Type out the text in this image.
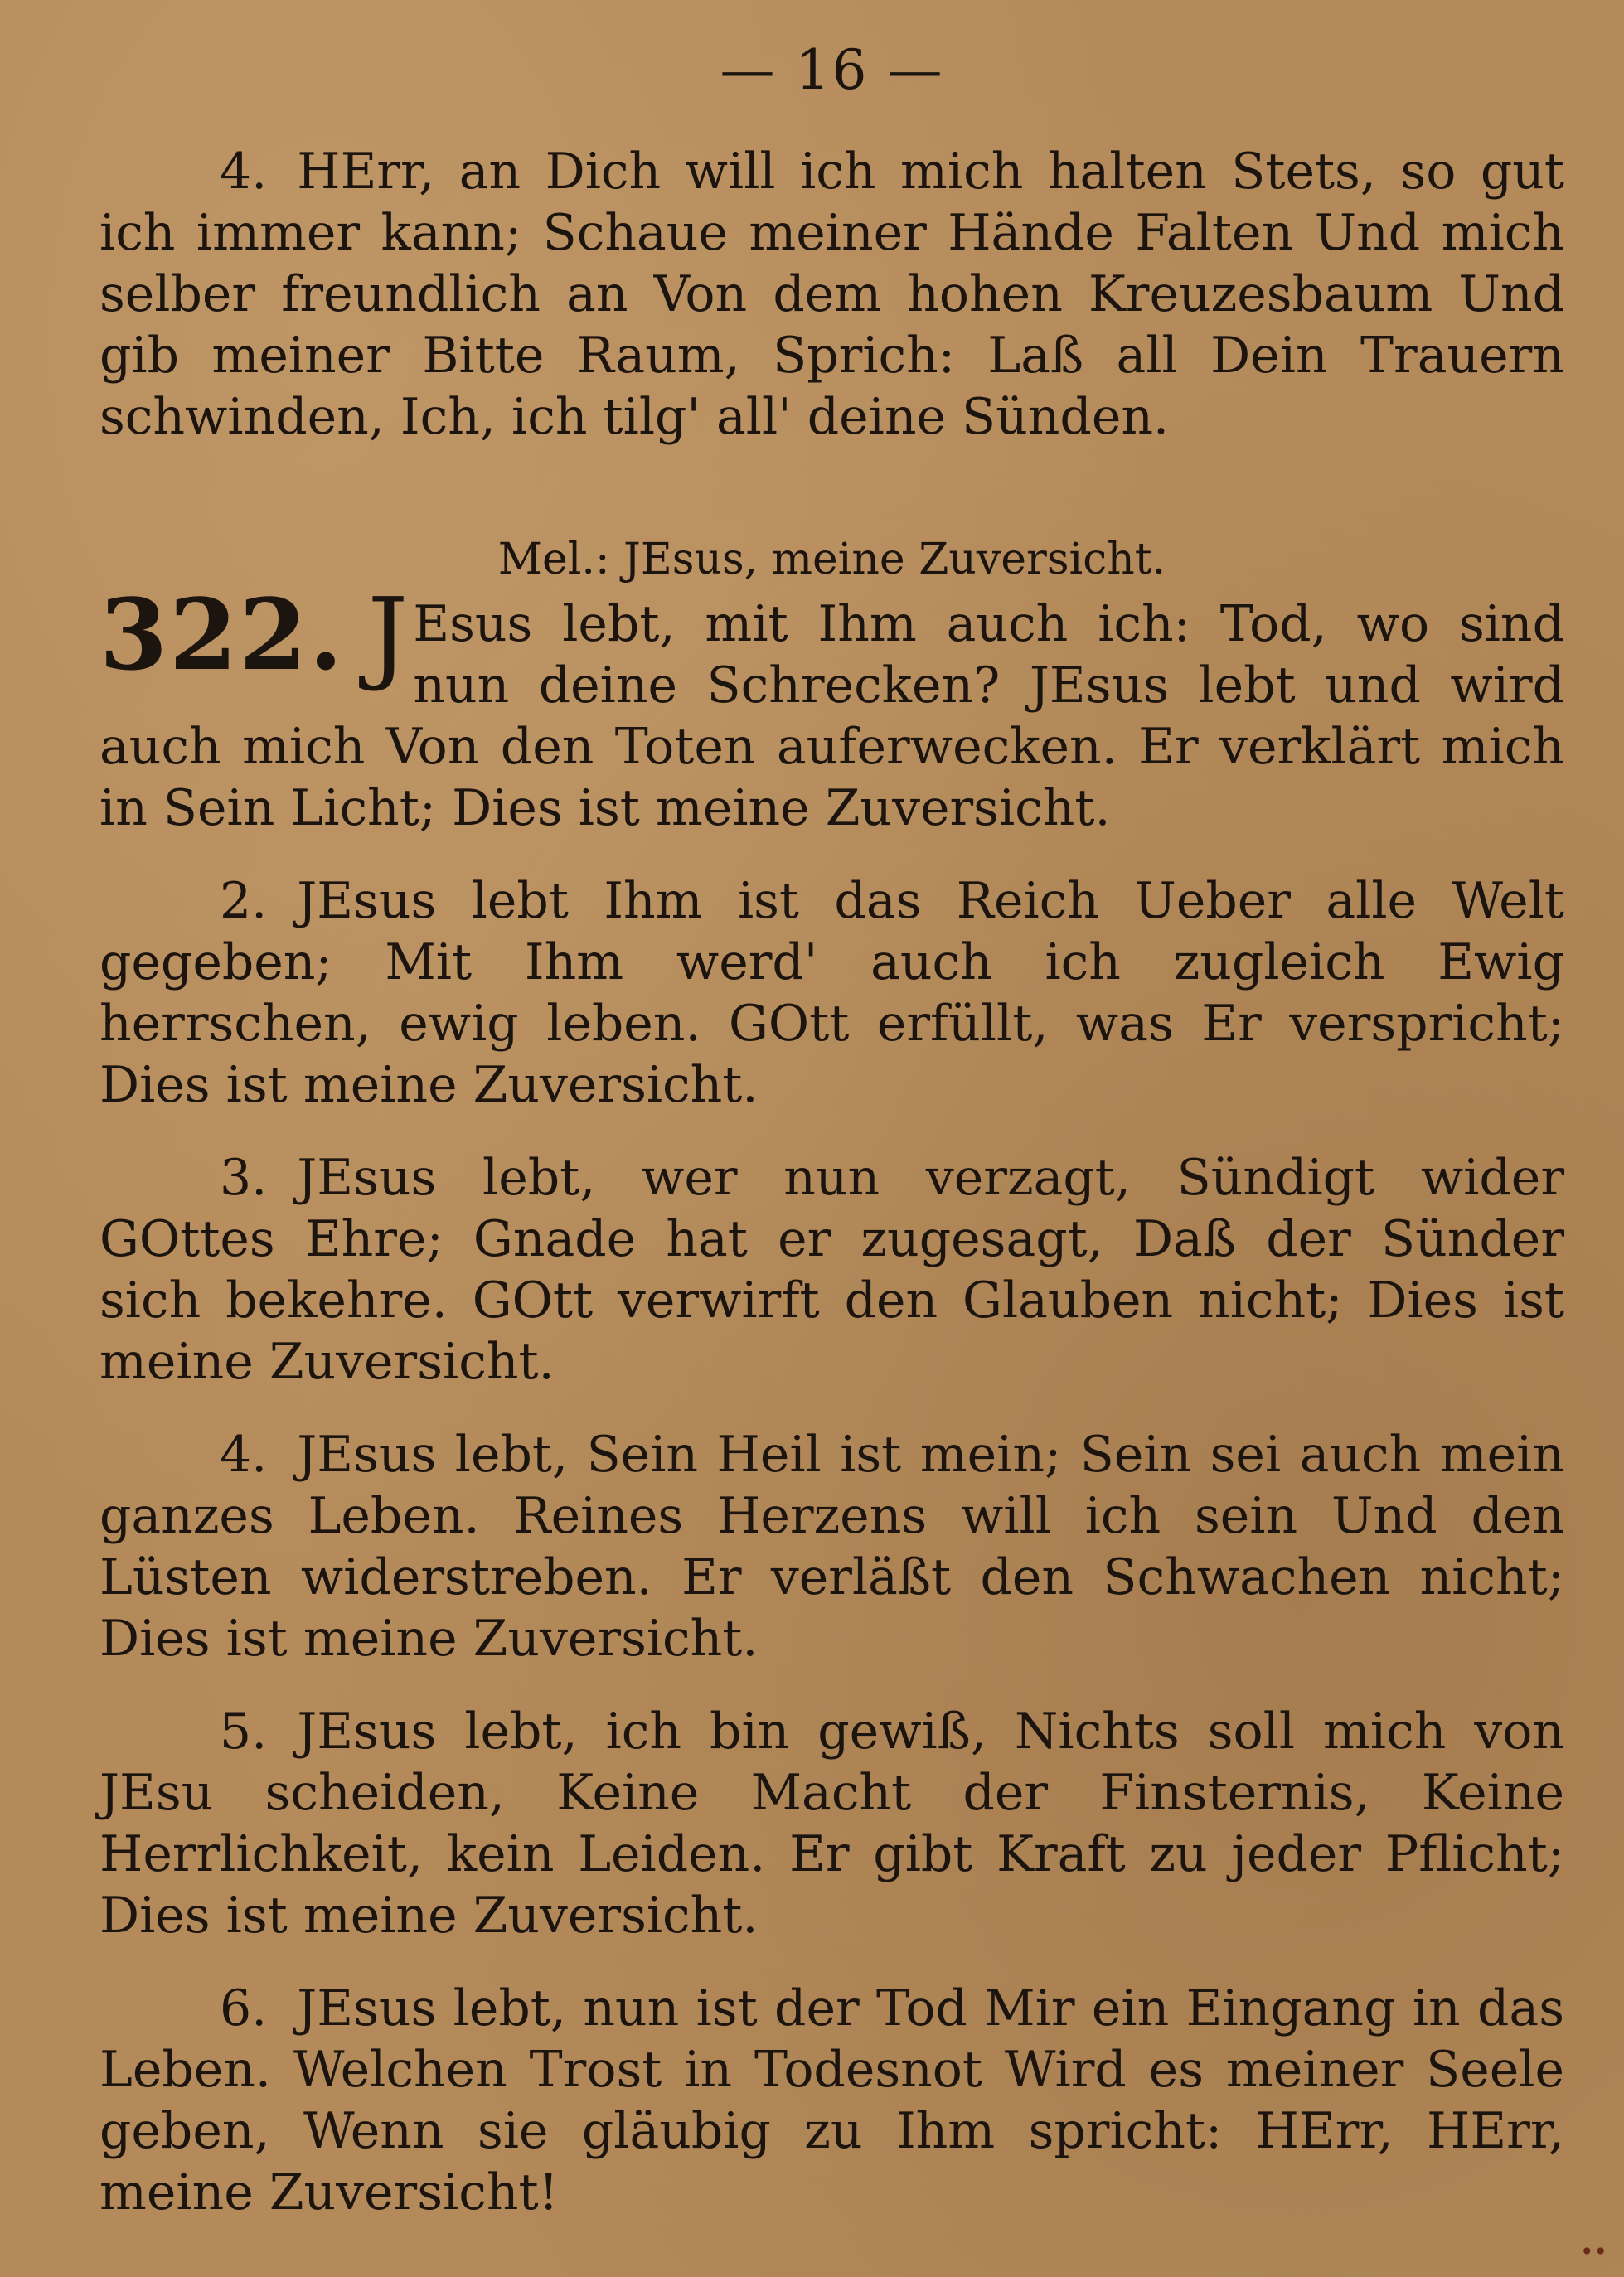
— 16 —

4. HErr, an Dich will ich mich halten Stets, so gut ich immer kann; Schaue meiner Hände Falten Und mich selber freundlich an Von dem hohen Kreuzesbaum Und gib meiner Bitte Raum, Sprich: Laß all Dein Trauern schwinden, Ich, ich tilg' all' deine Sünden.

Mel.: JEsus, meine Zuversicht.

322. J Esus lebt, mit Ihm auch ich: Tod, wo sind nun deine Schrecken? JEsus lebt und wird auch mich Von den Toten auferwecken. Er verklärt mich in Sein Licht; Dies ist meine Zuversicht.

2. JEsus lebt Ihm ist das Reich Ueber alle Welt gegeben; Mit Ihm werd' auch ich zugleich Ewig herrschen, ewig leben. GOtt erfüllt, was Er verspricht; Dies ist meine Zuversicht.

3. JEsus lebt, wer nun verzagt, Sündigt wider GOttes Ehre; Gnade hat er zugesagt, Daß der Sünder sich bekehre. GOtt verwirft den Glauben nicht; Dies ist meine Zuversicht.

4. JEsus lebt, Sein Heil ist mein; Sein sei auch mein ganzes Leben. Reines Herzens will ich sein Und den Lüsten widerstreben. Er verläßt den Schwachen nicht; Dies ist meine Zuversicht.

5. JEsus lebt, ich bin gewiß, Nichts soll mich von JEsu scheiden, Keine Macht der Finsternis, Keine Herrlichkeit, kein Leiden. Er gibt Kraft zu jeder Pflicht; Dies ist meine Zuversicht.

6. JEsus lebt, nun ist der Tod Mir ein Eingang in das Leben. Welchen Trost in Todesnot Wird es meiner Seele geben, Wenn sie gläubig zu Ihm spricht: HErr, HErr, meine Zuversicht!

••
